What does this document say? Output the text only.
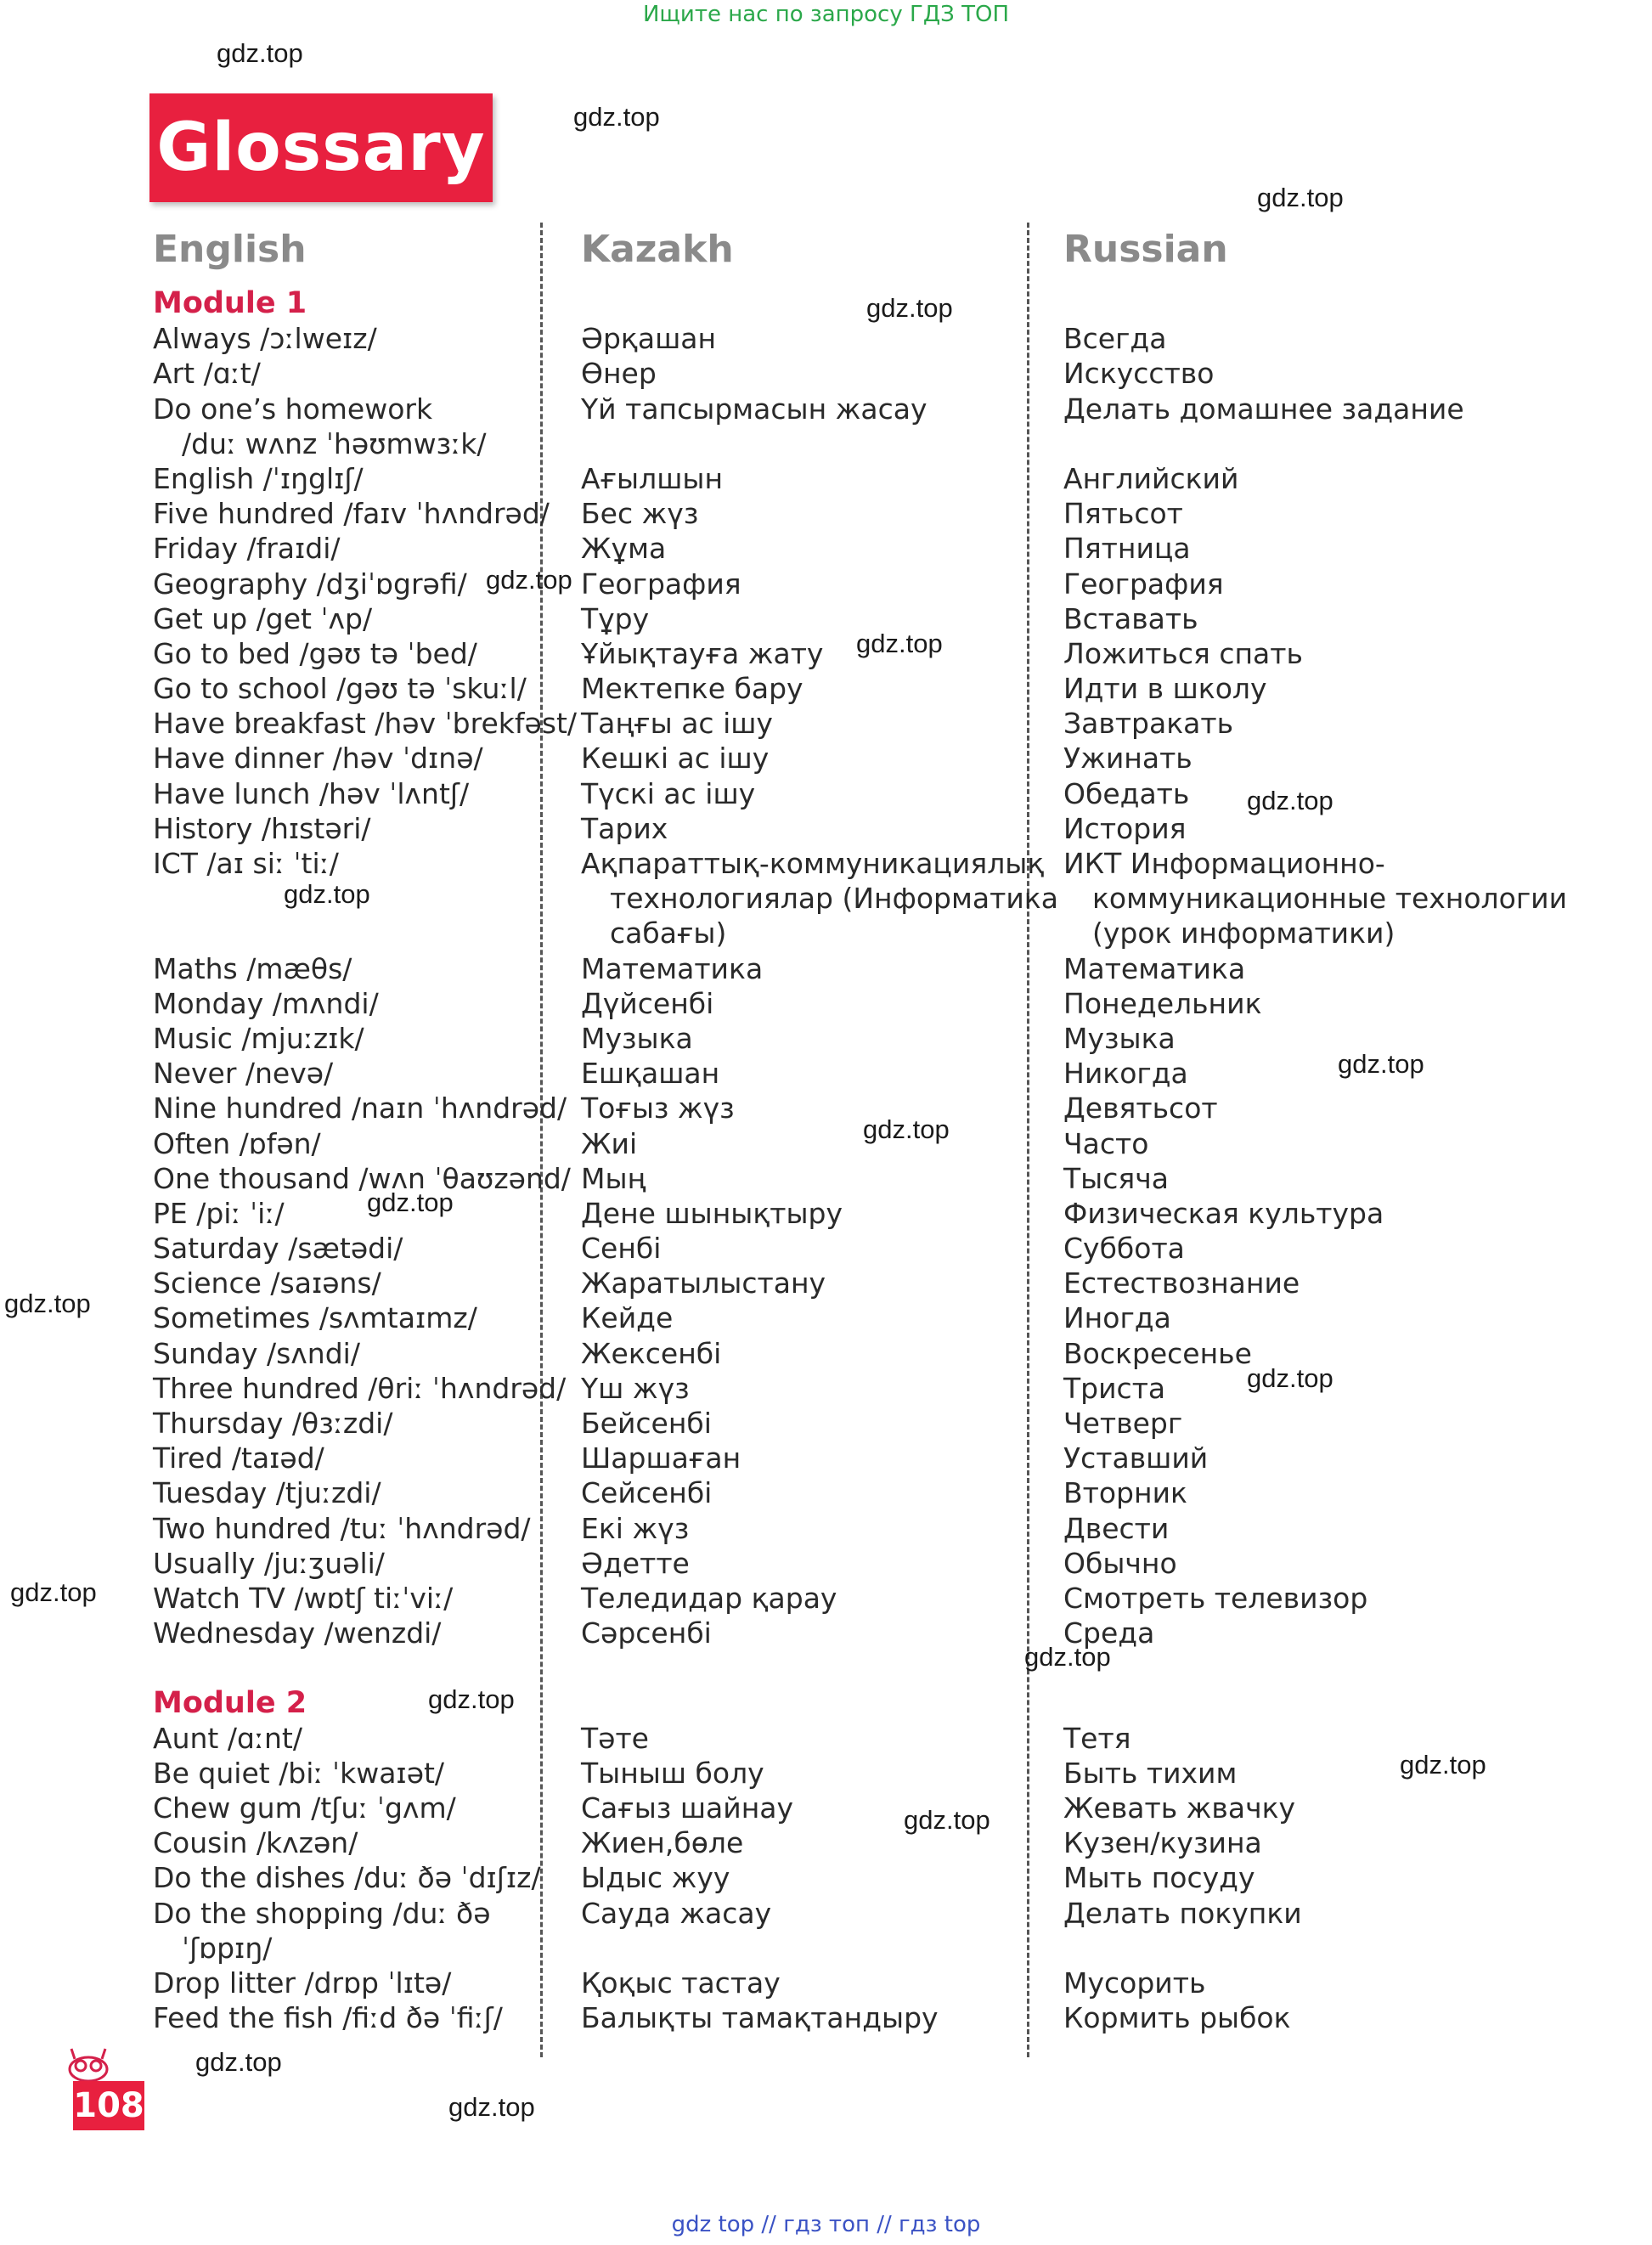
Ищите нас по запросу ГДЗ ТОП
Glossary
English	Kazakh	Russian
Module 1
Always /ɔːlweɪz/
Art /ɑːt/
Do one’s homework
/duː wʌnz ˈhəʊmwɜːk/
English /ˈɪŋglɪʃ/
Five hundred /faɪv ˈhʌndrəd/
Friday /fraɪdi/
Geography /dʒiˈɒgrəfi/
Get up /get ˈʌp/
Go to bed /gəʊ tə ˈbed/
Go to school /gəʊ tə ˈskuːl/
Have breakfast /həv ˈbrekfəst/
Have dinner /həv ˈdɪnə/
Have lunch /həv ˈlʌntʃ/
History /hɪstəri/
ICT /aɪ siː ˈtiː/
Maths /mæθs/
Monday /mʌndi/
Music /mjuːzɪk/
Never /nevə/
Nine hundred /naɪn ˈhʌndrəd/
Often /ɒfən/
One thousand /wʌn ˈθaʊzənd/
PE /piː ˈiː/
Saturday /sætədi/
Science /saɪəns/
Sometimes /sʌmtaɪmz/
Sunday /sʌndi/
Three hundred /θriː ˈhʌndrəd/
Thursday /θɜːzdi/
Tired /taɪəd/
Tuesday /tjuːzdi/
Two hundred /tuː ˈhʌndrəd/
Usually /juːʒuəli/
Watch TV /wɒtʃ tiːˈviː/
Wednesday /wenzdi/
Module 2
Aunt /ɑːnt/
Be quiet /biː ˈkwaɪət/
Chew gum /tʃuː ˈgʌm/
Cousin /kʌzən/
Do the dishes /duː ðə ˈdɪʃɪz/
Do the shopping /duː ðə
ˈʃɒpɪŋ/
Drop litter /drɒp ˈlɪtə/
Feed the fish /fiːd ðə ˈfiːʃ/
Әрқашан
Өнер
Үй тапсырмасын жасау
Ағылшын
Бес жүз
Жұма
География
Тұру
Ұйықтауға жату
Мектепке бару
Таңғы ас ішу
Кешкі ас ішу
Түскі ас ішу
Тарих
Ақпараттық-коммуникациялық
технологиялар (Информатика
сабағы)
Математика
Дүйсенбі
Музыка
Ешқашан
Тоғыз жүз
Жиі
Мың
Дене шынықтыру
Сенбі
Жаратылыстану
Кейде
Жексенбі
Үш жүз
Бейсенбі
Шаршаған
Сейсенбі
Екі жүз
Әдетте
Теледидар қарау
Сәрсенбі
Тәте
Тыныш болу
Сағыз шайнау
Жиен,бөле
Ыдыс жуу
Сауда жасау
Қоқыс тастау
Балықты тамақтандыру
Всегда
Искусство
Делать домашнее задание
Английский
Пятьсот
Пятница
География
Вставать
Ложиться спать
Идти в школу
Завтракать
Ужинать
Обедать
История
ИКТ Информационно-
коммуникационные технологии
(урок информатики)
Математика
Понедельник
Музыка
Никогда
Девятьсот
Часто
Тысяча
Физическая культура
Суббота
Естествознание
Иногда
Воскресенье
Триста
Четверг
Уставший
Вторник
Двести
Обычно
Смотреть телевизор
Среда
Тетя
Быть тихим
Жевать жвачку
Кузен/кузина
Мыть посуду
Делать покупки
Мусорить
Кормить рыбок
gdz.top
gdz.top
gdz.top
gdz.top
gdz.top
gdz.top
gdz.top
gdz.top
gdz.top
gdz.top
gdz.top
gdz.top
gdz.top
gdz.top
gdz.top
gdz.top
gdz.top
gdz.top
gdz.top
gdz.top
108
gdz top // гдз топ // гдз top
